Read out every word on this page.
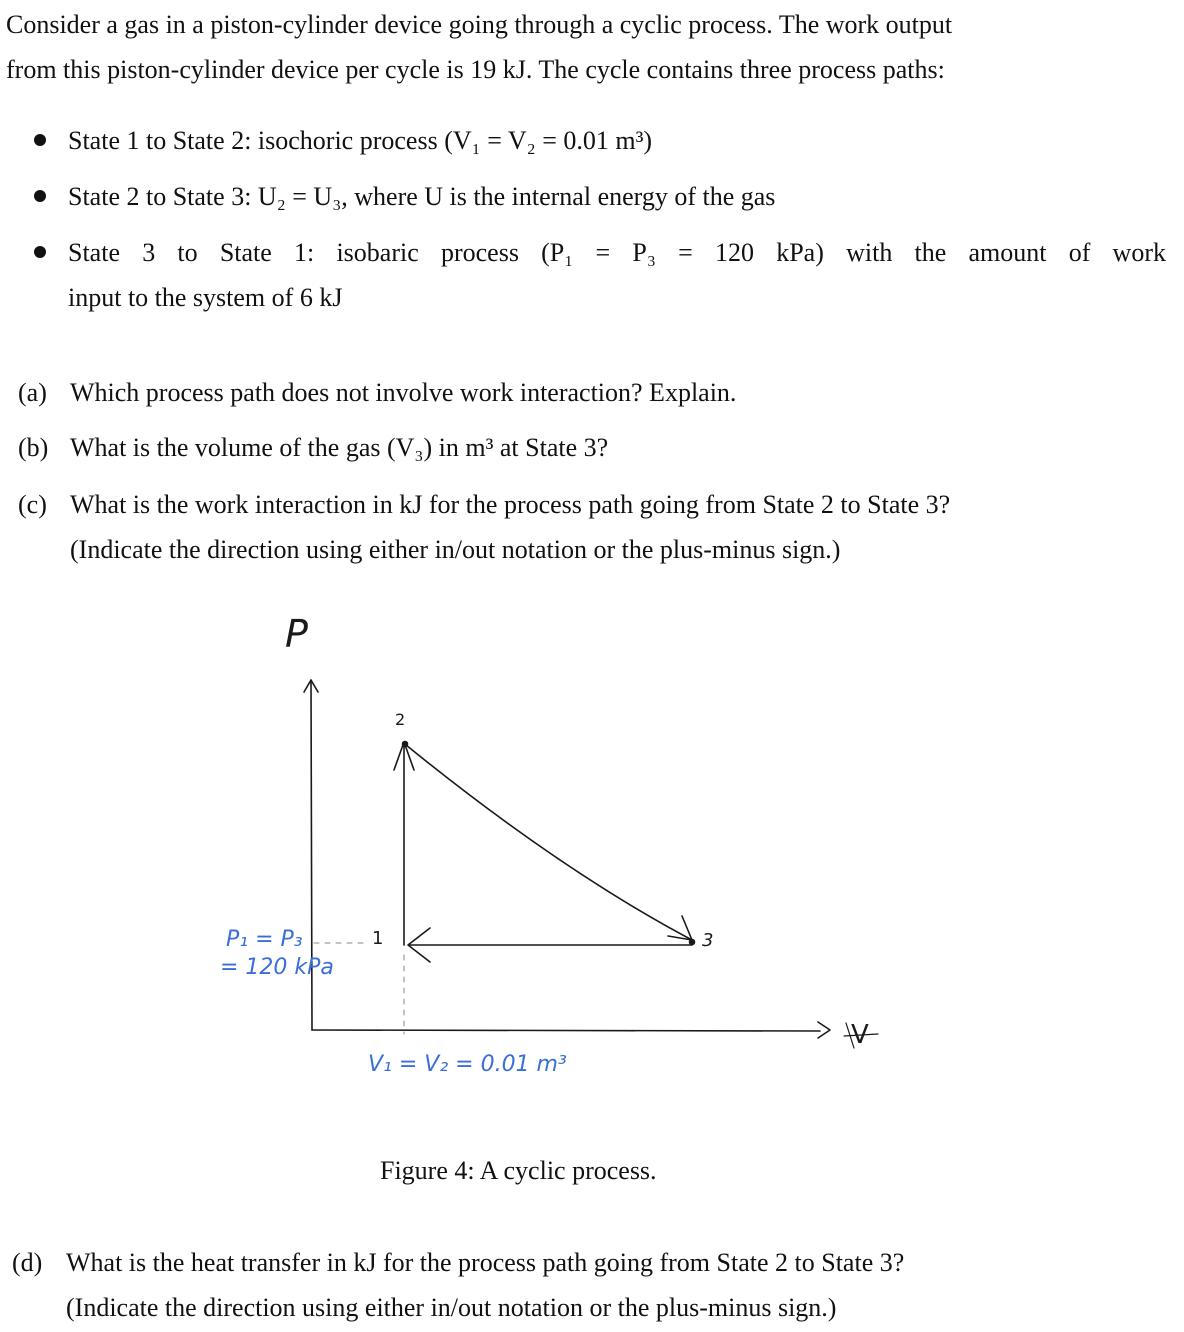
Consider a gas in a piston-cylinder device going through a cyclic process. The work output
from this piston-cylinder device per cycle is 19 kJ. The cycle contains three process paths:
State 1 to State 2: isochoric process (V₁ = V₂ = 0.01 m³)
State 2 to State 3: U₂ = U₃, where U is the internal energy of the gas
State 3 to State 1: isobaric process (P₁ = P₃ = 120 kPa) with the amount of work
input to the system of 6 kJ
(a) Which process path does not involve work interaction? Explain.
(b) What is the volume of the gas (V₃) in m³ at State 3?
(c) What is the work interaction in kJ for the process path going from State 2 to State 3?
(Indicate the direction using either in/out notation or the plus-minus sign.)
P
V
2
1	3
P₁ = P₃
= 120 kPa
V₁ = V₂ = 0.01 m³
Figure 4: A cyclic process.
(d) What is the heat transfer in kJ for the process path going from State 2 to State 3?
(Indicate the direction using either in/out notation or the plus-minus sign.)
